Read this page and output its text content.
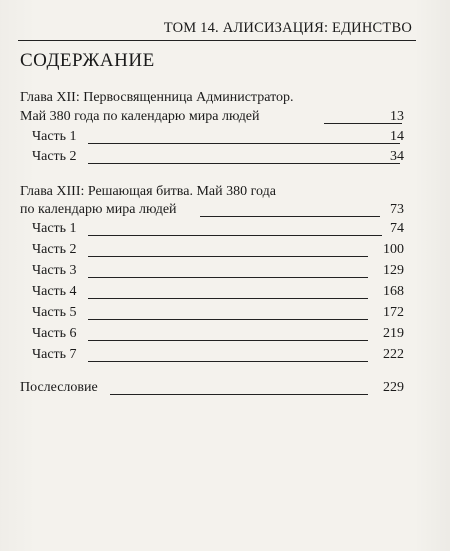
ТОМ 14. АЛИСИЗАЦИЯ: ЕДИНСТВО
СОДЕРЖАНИЕ
Глава XII: Первосвященница Администратор.
Май 380 года по календарю мира людей	13
Часть 1	14
Часть 2	34
Глава XIII: Решающая битва. Май 380 года
по календарю мира людей	73
Часть 1	74
Часть 2	100
Часть 3	129
Часть 4	168
Часть 5	172
Часть 6	219
Часть 7	222
Послесловие	229
